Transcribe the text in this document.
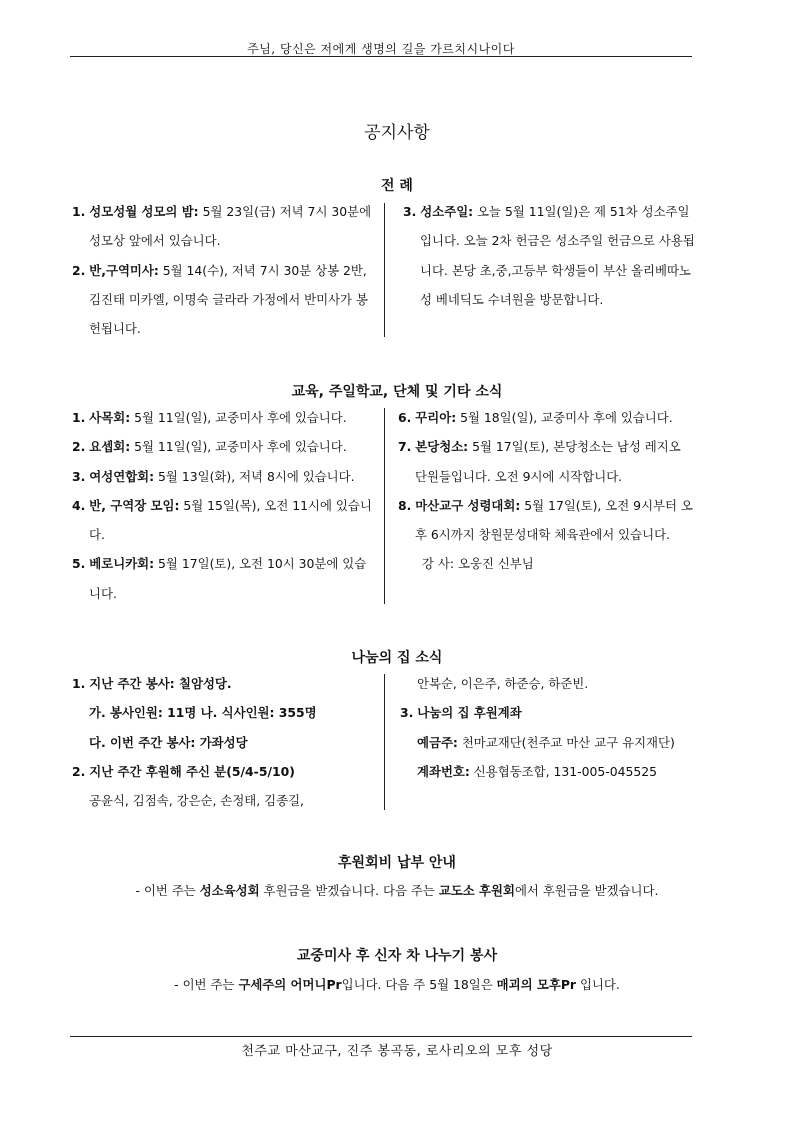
주님, 당신은 저에게 생명의 길을 가르치시나이다
공지사항
전 례

1. 성모성월 성모의 밤: 5월 23일(금) 저녁 7시 30분에 성모상 앞에서 있습니다.

2. 반,구역미사: 5월 14(수), 저녁 7시 30분 상봉 2반, 김진태 미카엘, 이명숙 글라라 가정에서 반미사가 봉헌됩니다.

3. 성소주일: 오늘 5월 11일(일)은 제 51차 성소주일입니다. 오늘 2차 헌금은 성소주일 헌금으로 사용됩니다. 본당 초,중,고등부 학생들이 부산 올리베따노 성 베네딕도 수녀원을 방문합니다.

교육, 주일학교, 단체 및 기타 소식

1. 사목회: 5월 11일(일), 교중미사 후에 있습니다.

2. 요셉회: 5월 11일(일), 교중미사 후에 있습니다.

3. 여성연합회: 5월 13일(화), 저녁 8시에 있습니다.

4. 반, 구역장 모임: 5월 15일(목), 오전 11시에 있습니다.

5. 베로니카회: 5월 17일(토), 오전 10시 30분에 있습니다.

6. 꾸리아: 5월 18일(일), 교중미사 후에 있습니다.

7. 본당청소: 5월 17일(토), 본당청소는 남성 레지오 단원들입니다. 오전 9시에 시작합니다.

8. 마산교구 성령대회: 5월 17일(토), 오전 9시부터 오후 6시까지 창원문성대학 체육관에서 있습니다.

강 사: 오웅진 신부님

나눔의 집 소식

1. 지난 주간 봉사: 칠암성당.

가. 봉사인원: 11명 나. 식사인원: 355명

다. 이번 주간 봉사: 가좌성당

2. 지난 주간 후원해 주신 분(5/4-5/10)

공윤식, 김점속, 강은순, 손정태, 김종길,

안복순, 이은주, 하준승, 하준빈.

3. 나눔의 집 후원계좌

예금주: 천마교재단(천주교 마산 교구 유지재단)

계좌번호: 신용협동조합, 131-005-045525

후원회비 납부 안내
- 이번 주는 성소육성회 후원금을 받겠습니다. 다음 주는 교도소 후원회에서 후원금을 받겠습니다.
교중미사 후 신자 차 나누기 봉사
- 이번 주는 구세주의 어머니Pr입니다. 다음 주 5월 18일은 매괴의 모후Pr 입니다.
천주교 마산교구, 진주 봉곡동, 로사리오의 모후 성당
